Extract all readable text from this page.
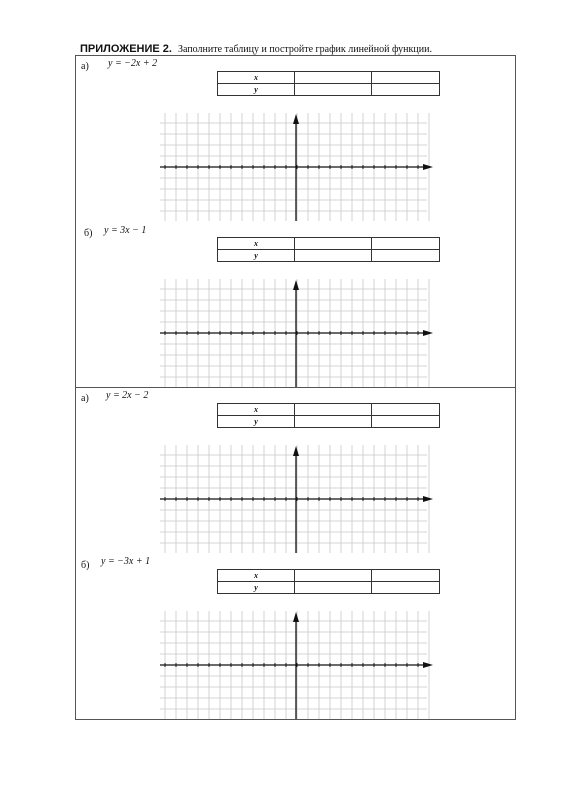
ПРИЛОЖЕНИЕ 2. Заполните таблицу и постройте график линейной функции.
а) y = −2x + 2
x		
y		
б) y = 3x − 1
x		
y		
а) y = 2x − 2
x		
y		
б) y = −3x + 1
x		
y		
